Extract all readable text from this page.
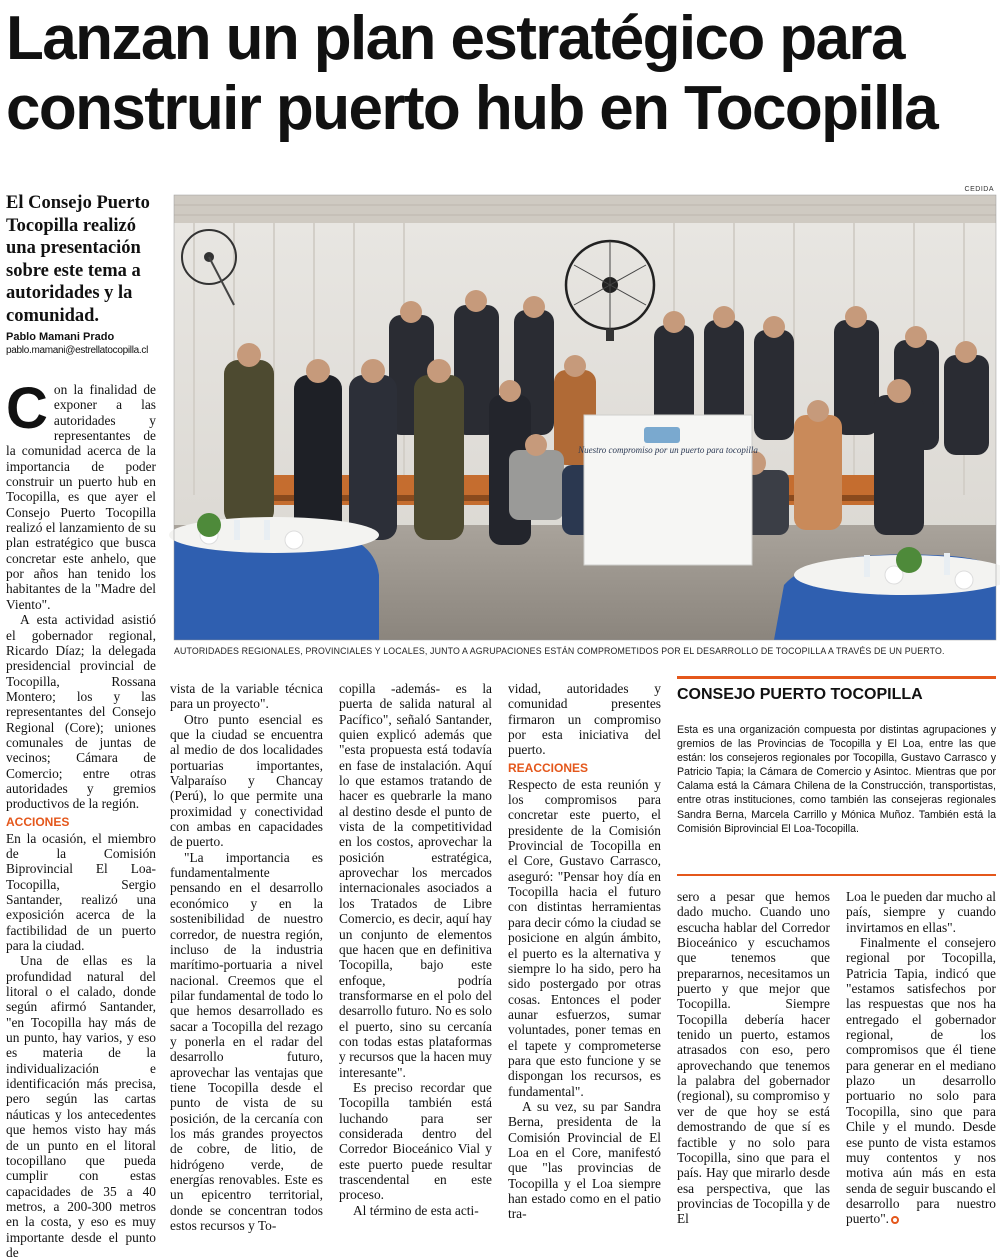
Lanzan un plan estratégico para construir puerto hub en Tocopilla

El Consejo Puerto Tocopilla realizó una presentación sobre este tema a autoridades y la comunidad.

Pablo Mamani Prado
pablo.mamani@estrellatocopilla.cl
CEDIDA
Nuestro compromiso por un puerto para tocopilla

AUTORIDADES REGIONALES, PROVINCIALES Y LOCALES, JUNTO A AGRUPACIONES ESTÁN COMPROMETIDOS POR EL DESARROLLO DE TOCOPILLA A TRAVÉS DE UN PUERTO.

Con la finalidad de exponer a las autoridades y representantes de la comunidad acerca de la importancia de poder construir un puerto hub en Tocopilla, es que ayer el Consejo Puerto Tocopilla realizó el lanzamiento de su plan estratégico que busca concretar este anhelo, que por años han tenido los habitantes de la "Madre del Viento".

A esta actividad asistió el gobernador regional, Ricardo Díaz; la delegada presidencial provincial de Tocopilla, Rossana Montero; los y las representantes del Consejo Regional (Core); uniones comunales de juntas de vecinos; Cámara de Comercio; entre otras autoridades y gremios productivos de la región.

ACCIONES

En la ocasión, el miembro de la Comisión Biprovincial El Loa-Tocopilla, Sergio Santander, realizó una exposición acerca de la factibilidad de un puerto para la ciudad.

Una de ellas es la profundidad natural del litoral o el calado, donde según afirmó Santander, "en Tocopilla hay más de un punto, hay varios, y eso es materia de la individualización e identificación más precisa, pero según las cartas náuticas y los antecedentes que hemos visto hay más de un punto en el litoral tocopillano que pueda cumplir con estas capacidades de 35 a 40 metros, a 200-300 metros en la costa, y eso es muy importante desde el punto de

vista de la variable técnica para un proyecto".

Otro punto esencial es que la ciudad se encuentra al medio de dos localidades portuarias importantes, Valparaíso y Chancay (Perú), lo que permite una proximidad y conectividad con ambas en capacidades de puerto.

"La importancia es fundamentalmente pensando en el desarrollo económico y en la sostenibilidad de nuestro corredor, de nuestra región, incluso de la industria marítimo-portuaria a nivel nacional. Creemos que el pilar fundamental de todo lo que hemos desarrollado es sacar a Tocopilla del rezago y ponerla en el radar del desarrollo futuro, aprovechar las ventajas que tiene Tocopilla desde el punto de vista de su posición, de la cercanía con los más grandes proyectos de cobre, de litio, de hidrógeno verde, de energías renovables. Este es un epicentro territorial, donde se concentran todos estos recursos y To-

copilla -además- es la puerta de salida natural al Pacífico", señaló Santander, quien explicó además que "esta propuesta está todavía en fase de instalación. Aquí lo que estamos tratando de hacer es quebrarle la mano al destino desde el punto de vista de la competitividad en los costos, aprovechar la posición estratégica, aprovechar los mercados internacionales asociados a los Tratados de Libre Comercio, es decir, aquí hay un conjunto de elementos que hacen que en definitiva Tocopilla, bajo este enfoque, podría transformarse en el polo del desarrollo futuro. No es solo el puerto, sino su cercanía con todas estas plataformas y recursos que la hacen muy interesante".

Es preciso recordar que Tocopilla también está luchando para ser considerada dentro del Corredor Bioceánico Vial y este puerto puede resultar trascendental en este proceso.

Al término de esta acti-

vidad, autoridades y comunidad presentes firmaron un compromiso por esta iniciativa del puerto.

REACCIONES

Respecto de esta reunión y los compromisos para concretar este puerto, el presidente de la Comisión Provincial de Tocopilla en el Core, Gustavo Carrasco, aseguró: "Pensar hoy día en Tocopilla hacia el futuro con distintas herramientas para decir cómo la ciudad se posicione en algún ámbito, el puerto es la alternativa y siempre lo ha sido, pero ha sido postergado por otras cosas. Entonces el poder aunar esfuerzos, sumar voluntades, poner temas en el tapete y comprometerse para que esto funcione y se dispongan los recursos, es fundamental".

A su vez, su par Sandra Berna, presidenta de la Comisión Provincial de El Loa en el Core, manifestó que "las provincias de Tocopilla y el Loa siempre han estado como en el patio tra-

CONSEJO PUERTO TOCOPILLA

Esta es una organización compuesta por distintas agrupaciones y gremios de las Provincias de Tocopilla y El Loa, entre las que están: los consejeros regionales por Tocopilla, Gustavo Carrasco y Patricio Tapia; la Cámara de Comercio y Asintoc. Mientras que por Calama está la Cámara Chilena de la Construcción, transportistas, entre otras instituciones, como también las consejeras regionales Sandra Berna, Marcela Carrillo y Mónica Muñoz. También está la Comisión Biprovincial El Loa-Tocopilla.

sero a pesar que hemos dado mucho. Cuando uno escucha hablar del Corredor Bioceánico y escuchamos que tenemos que prepararnos, necesitamos un puerto y que mejor que Tocopilla. Siempre Tocopilla debería hacer tenido un puerto, estamos atrasados con eso, pero aprovechando que tenemos la palabra del gobernador (regional), su compromiso y ver de que hoy se está demostrando de que sí es factible y no solo para Tocopilla, sino que para el país. Hay que mirarlo desde esa perspectiva, que las provincias de Tocopilla y de El

Loa le pueden dar mucho al país, siempre y cuando invirtamos en ellas".

Finalmente el consejero regional por Tocopilla, Patricia Tapia, indicó que "estamos satisfechos por las respuestas que nos ha entregado el gobernador regional, de los compromisos que él tiene para generar en el mediano plazo un desarrollo portuario no solo para Tocopilla, sino que para Chile y el mundo. Desde ese punto de vista estamos muy contentos y nos motiva aún más en esta senda de seguir buscando el desarrollo para nuestro puerto".
